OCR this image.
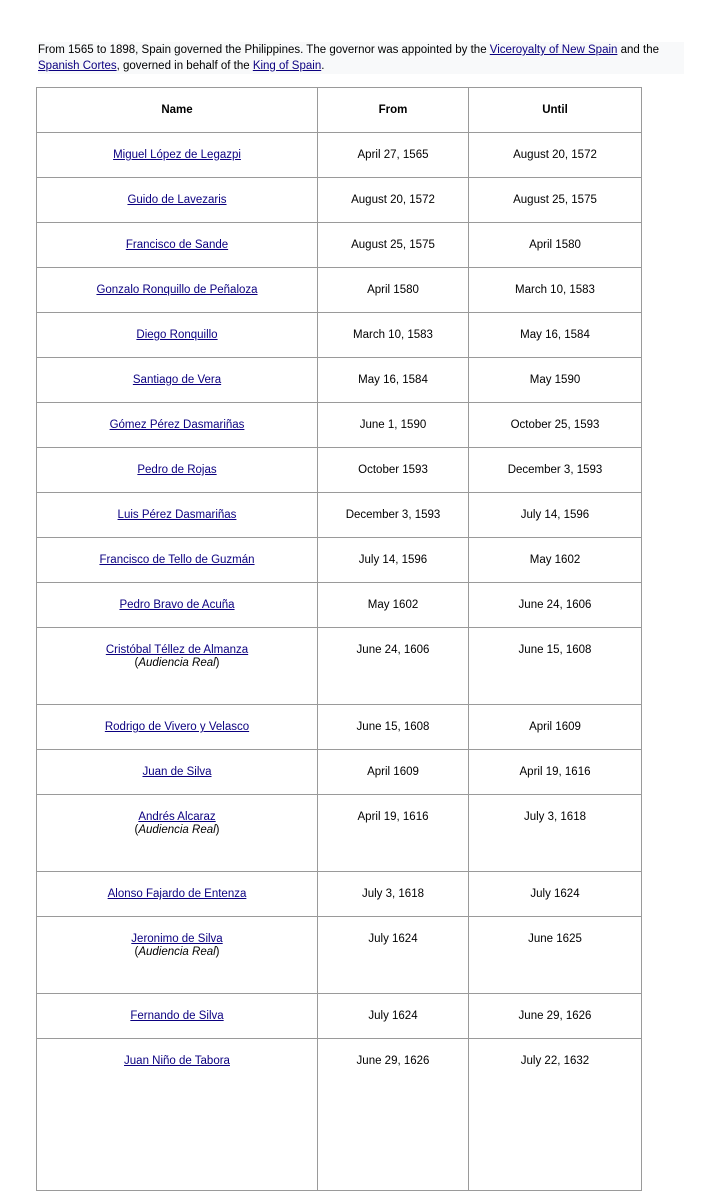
From 1565 to 1898, Spain governed the Philippines. The governor was appointed by the Viceroyalty of New Spain and the Spanish Cortes, governed in behalf of the King of Spain.
Name	From	Until
Miguel López de Legazpi	April 27, 1565	August 20, 1572
Guido de Lavezaris	August 20, 1572	August 25, 1575
Francisco de Sande	August 25, 1575	April 1580
Gonzalo Ronquillo de Peñaloza	April 1580	March 10, 1583
Diego Ronquillo	March 10, 1583	May 16, 1584
Santiago de Vera	May 16, 1584	May 1590
Gómez Pérez Dasmariñas	June 1, 1590	October 25, 1593
Pedro de Rojas	October 1593	December 3, 1593
Luis Pérez Dasmariñas	December 3, 1593	July 14, 1596
Francisco de Tello de Guzmán	July 14, 1596	May 1602
Pedro Bravo de Acuña	May 1602	June 24, 1606
Cristóbal Téllez de Almanza
(Audiencia Real)	June 24, 1606	June 15, 1608
Rodrigo de Vivero y Velasco	June 15, 1608	April 1609
Juan de Silva	April 1609	April 19, 1616
Andrés Alcaraz
(Audiencia Real)	April 19, 1616	July 3, 1618
Alonso Fajardo de Entenza	July 3, 1618	July 1624
Jeronimo de Silva
(Audiencia Real)	July 1624	June 1625
Fernando de Silva	July 1624	June 29, 1626
Juan Niño de Tabora	June 29, 1626	July 22, 1632
